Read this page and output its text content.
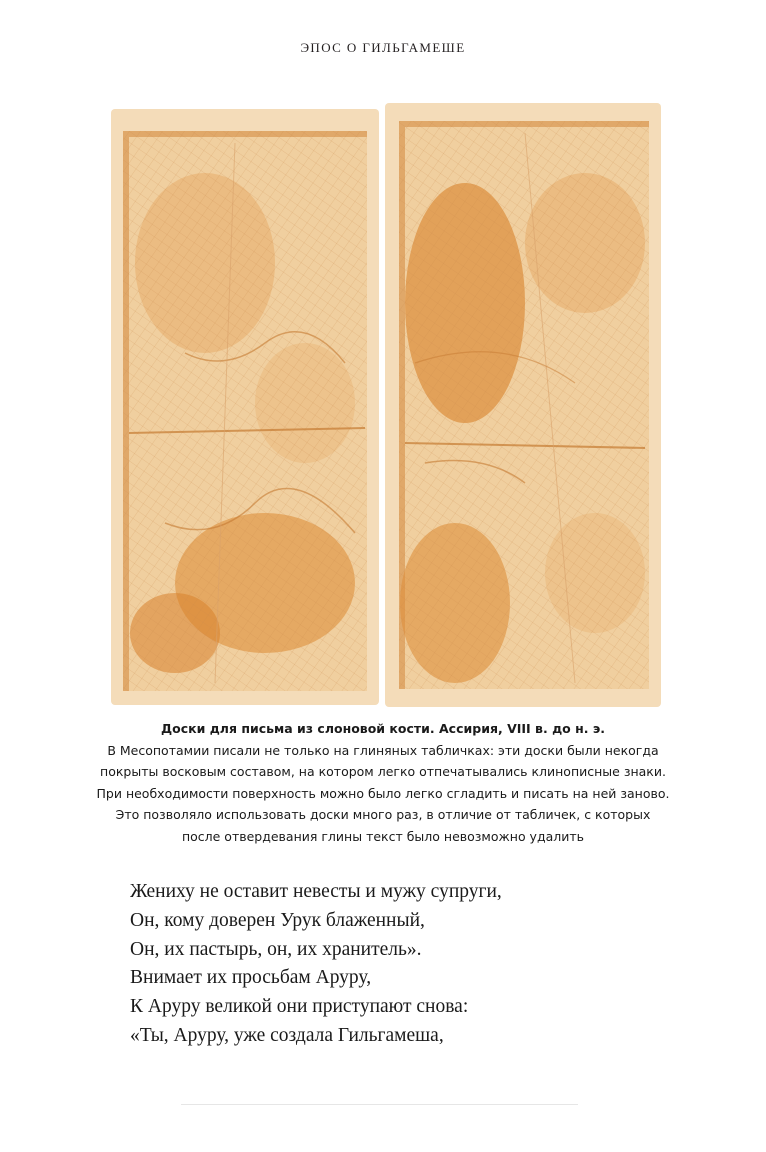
ЭПОС О ГИЛЬГАМЕШЕ
Доски для письма из слоновой кости. Ассирия, VIII в. до н. э.
В Месопотамии писали не только на глиняных табличках: эти доски были некогда
покрыты восковым составом, на котором легко отпечатывались клинописные знаки.
При необходимости поверхность можно было легко сгладить и писать на ней заново.
Это позволяло использовать доски много раз, в отличие от табличек, с которых
после отвердевания глины текст было невозможно удалить
Жениху не оставит невесты и мужу супруги,
Он, кому доверен Урук блаженный,
Он, их пастырь, он, их хранитель».
Внимает их просьбам Аруру,
К Аруру великой они приступают снова:
«Ты, Аруру, уже создала Гильгамеша,
